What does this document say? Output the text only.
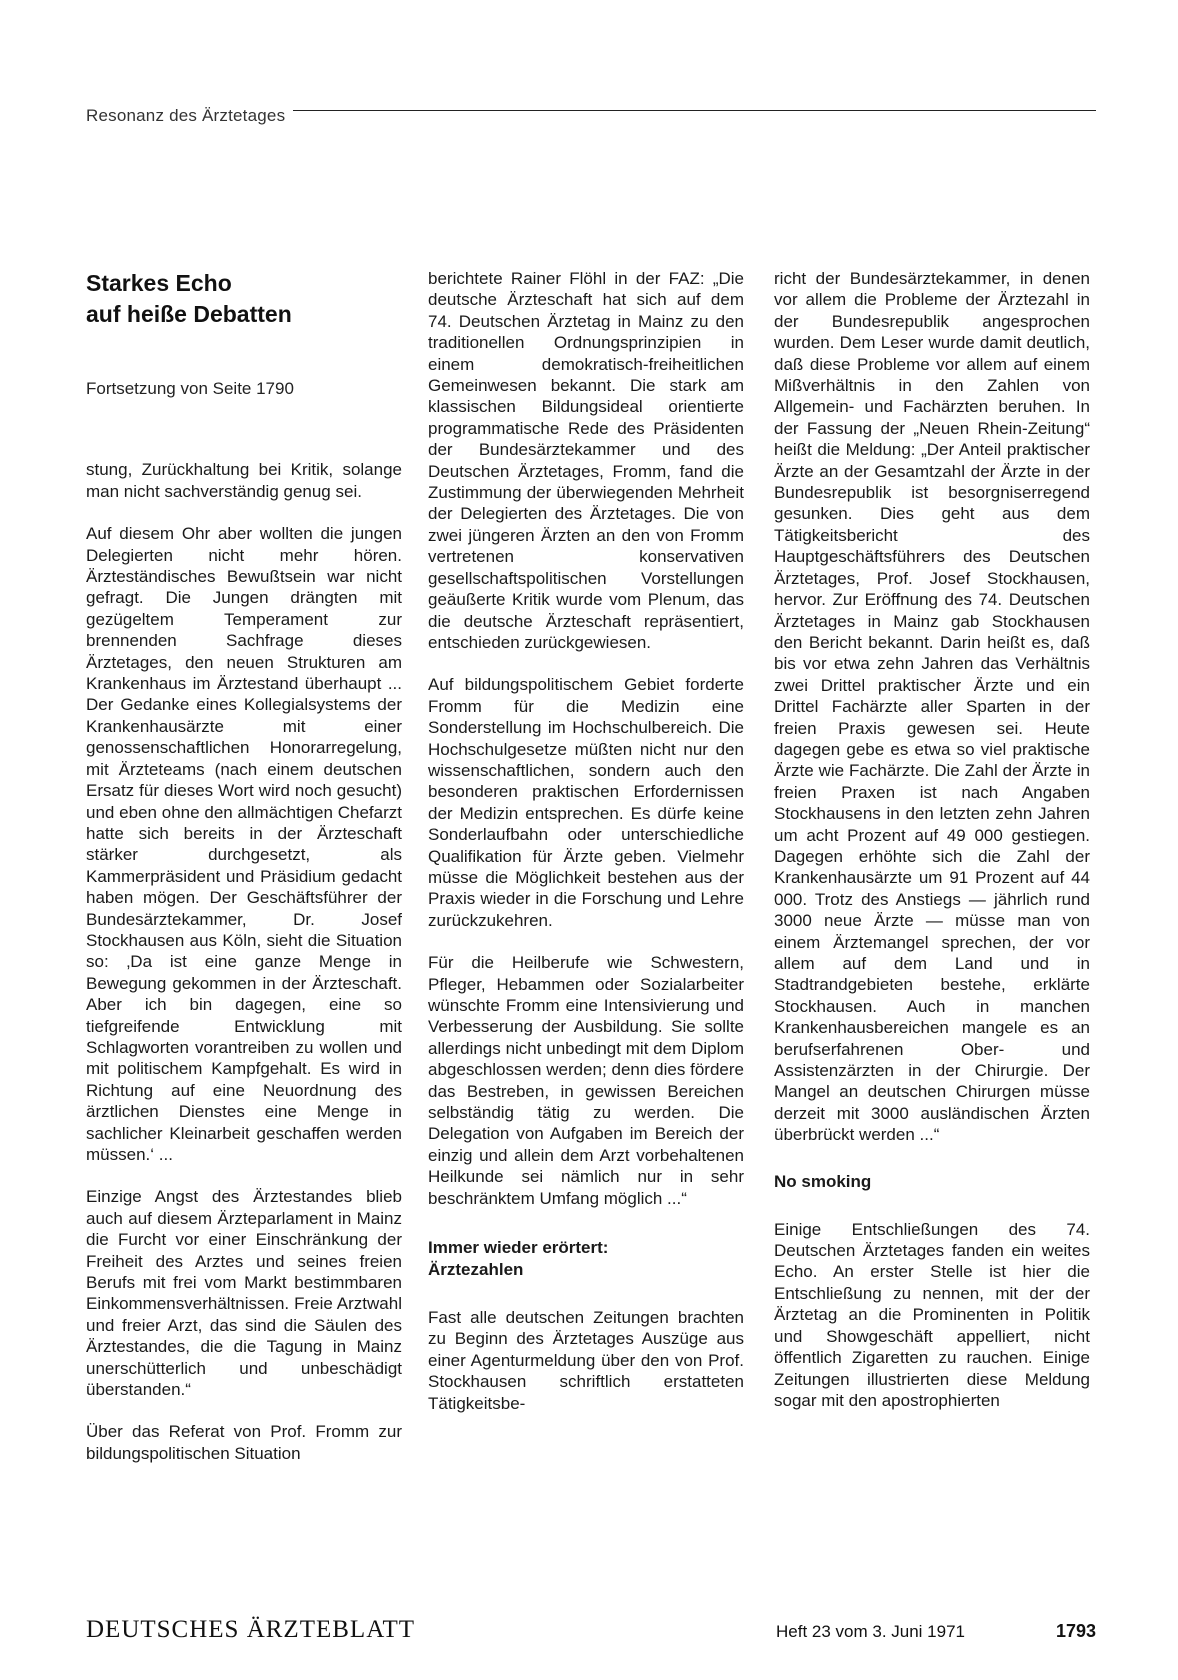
Resonanz des Ärztetages
Starkes Echo
auf heiße Debatten
Fortsetzung von Seite 1790

stung, Zurückhaltung bei Kritik, solange man nicht sachverständig genug sei.

Auf diesem Ohr aber wollten die jungen Delegierten nicht mehr hören. Ärzteständisches Bewußtsein war nicht gefragt. Die Jungen drängten mit gezügeltem Temperament zur brennenden Sachfrage dieses Ärztetages, den neuen Strukturen am Krankenhaus im Ärztestand überhaupt ... Der Gedanke eines Kollegialsystems der Krankenhausärzte mit einer genossenschaftlichen Honorarregelung, mit Ärzteteams (nach einem deutschen Ersatz für dieses Wort wird noch gesucht) und eben ohne den allmächtigen Chefarzt hatte sich bereits in der Ärzteschaft stärker durchgesetzt, als Kammerpräsident und Präsidium gedacht haben mögen. Der Geschäftsführer der Bundesärztekammer, Dr. Josef Stockhausen aus Köln, sieht die Situation so: ‚Da ist eine ganze Menge in Bewegung gekommen in der Ärzteschaft. Aber ich bin dagegen, eine so tiefgreifende Entwicklung mit Schlagworten vorantreiben zu wollen und mit politischem Kampfgehalt. Es wird in Richtung auf eine Neuordnung des ärztlichen Dienstes eine Menge in sachlicher Kleinarbeit geschaffen werden müssen.‘ ...

Einzige Angst des Ärztestandes blieb auch auf diesem Ärzteparlament in Mainz die Furcht vor einer Einschränkung der Freiheit des Arztes und seines freien Berufs mit frei vom Markt bestimmbaren Einkommensverhältnissen. Freie Arztwahl und freier Arzt, das sind die Säulen des Ärztestandes, die die Tagung in Mainz unerschütterlich und unbeschädigt überstanden.“

Über das Referat von Prof. Fromm zur bildungspolitischen Situation

berichtete Rainer Flöhl in der FAZ: „Die deutsche Ärzteschaft hat sich auf dem 74. Deutschen Ärztetag in Mainz zu den traditionellen Ordnungsprinzipien in einem demokratisch-freiheitlichen Gemeinwesen bekannt. Die stark am klassischen Bildungsideal orientierte programmatische Rede des Präsidenten der Bundesärztekammer und des Deutschen Ärztetages, Fromm, fand die Zustimmung der überwiegenden Mehrheit der Delegierten des Ärztetages. Die von zwei jüngeren Ärzten an den von Fromm vertretenen konservativen gesellschaftspolitischen Vorstellungen geäußerte Kritik wurde vom Plenum, das die deutsche Ärzteschaft repräsentiert, entschieden zurückgewiesen.

Auf bildungspolitischem Gebiet forderte Fromm für die Medizin eine Sonderstellung im Hochschulbereich. Die Hochschulgesetze müßten nicht nur den wissenschaftlichen, sondern auch den besonderen praktischen Erfordernissen der Medizin entsprechen. Es dürfe keine Sonderlaufbahn oder unterschiedliche Qualifikation für Ärzte geben. Vielmehr müsse die Möglichkeit bestehen aus der Praxis wieder in die Forschung und Lehre zurückzukehren.

Für die Heilberufe wie Schwestern, Pfleger, Hebammen oder Sozialarbeiter wünschte Fromm eine Intensivierung und Verbesserung der Ausbildung. Sie sollte allerdings nicht unbedingt mit dem Diplom abgeschlossen werden; denn dies fördere das Bestreben, in gewissen Bereichen selbständig tätig zu werden. Die Delegation von Aufgaben im Bereich der einzig und allein dem Arzt vorbehaltenen Heilkunde sei nämlich nur in sehr beschränktem Umfang möglich ...“

Immer wieder erörtert:
Ärztezahlen

Fast alle deutschen Zeitungen brachten zu Beginn des Ärztetages Auszüge aus einer Agenturmeldung über den von Prof. Stockhausen schriftlich erstatteten Tätigkeitsbe-

richt der Bundesärztekammer, in denen vor allem die Probleme der Ärztezahl in der Bundesrepublik angesprochen wurden. Dem Leser wurde damit deutlich, daß diese Probleme vor allem auf einem Mißverhältnis in den Zahlen von Allgemein- und Fachärzten beruhen. In der Fassung der „Neuen Rhein-Zeitung“ heißt die Meldung: „Der Anteil praktischer Ärzte an der Gesamtzahl der Ärzte in der Bundesrepublik ist besorgniserregend gesunken. Dies geht aus dem Tätigkeitsbericht des Hauptgeschäftsführers des Deutschen Ärztetages, Prof. Josef Stockhausen, hervor. Zur Eröffnung des 74. Deutschen Ärztetages in Mainz gab Stockhausen den Bericht bekannt. Darin heißt es, daß bis vor etwa zehn Jahren das Verhältnis zwei Drittel praktischer Ärzte und ein Drittel Fachärzte aller Sparten in der freien Praxis gewesen sei. Heute dagegen gebe es etwa so viel praktische Ärzte wie Fachärzte. Die Zahl der Ärzte in freien Praxen ist nach Angaben Stockhausens in den letzten zehn Jahren um acht Prozent auf 49 000 gestiegen. Dagegen erhöhte sich die Zahl der Krankenhausärzte um 91 Prozent auf 44 000. Trotz des Anstiegs — jährlich rund 3000 neue Ärzte — müsse man von einem Ärztemangel sprechen, der vor allem auf dem Land und in Stadtrandgebieten bestehe, erklärte Stockhausen. Auch in manchen Krankenhausbereichen mangele es an berufserfahrenen Ober- und Assistenzärzten in der Chirurgie. Der Mangel an deutschen Chirurgen müsse derzeit mit 3000 ausländischen Ärzten überbrückt werden ...“

No smoking

Einige Entschließungen des 74. Deutschen Ärztetages fanden ein weites Echo. An erster Stelle ist hier die Entschließung zu nennen, mit der der Ärztetag an die Prominenten in Politik und Showgeschäft appelliert, nicht öffentlich Zigaretten zu rauchen. Einige Zeitungen illustrierten diese Meldung sogar mit den apostrophierten

DEUTSCHES ÄRZTEBLATT	Heft 23 vom 3. Juni 1971	1793
